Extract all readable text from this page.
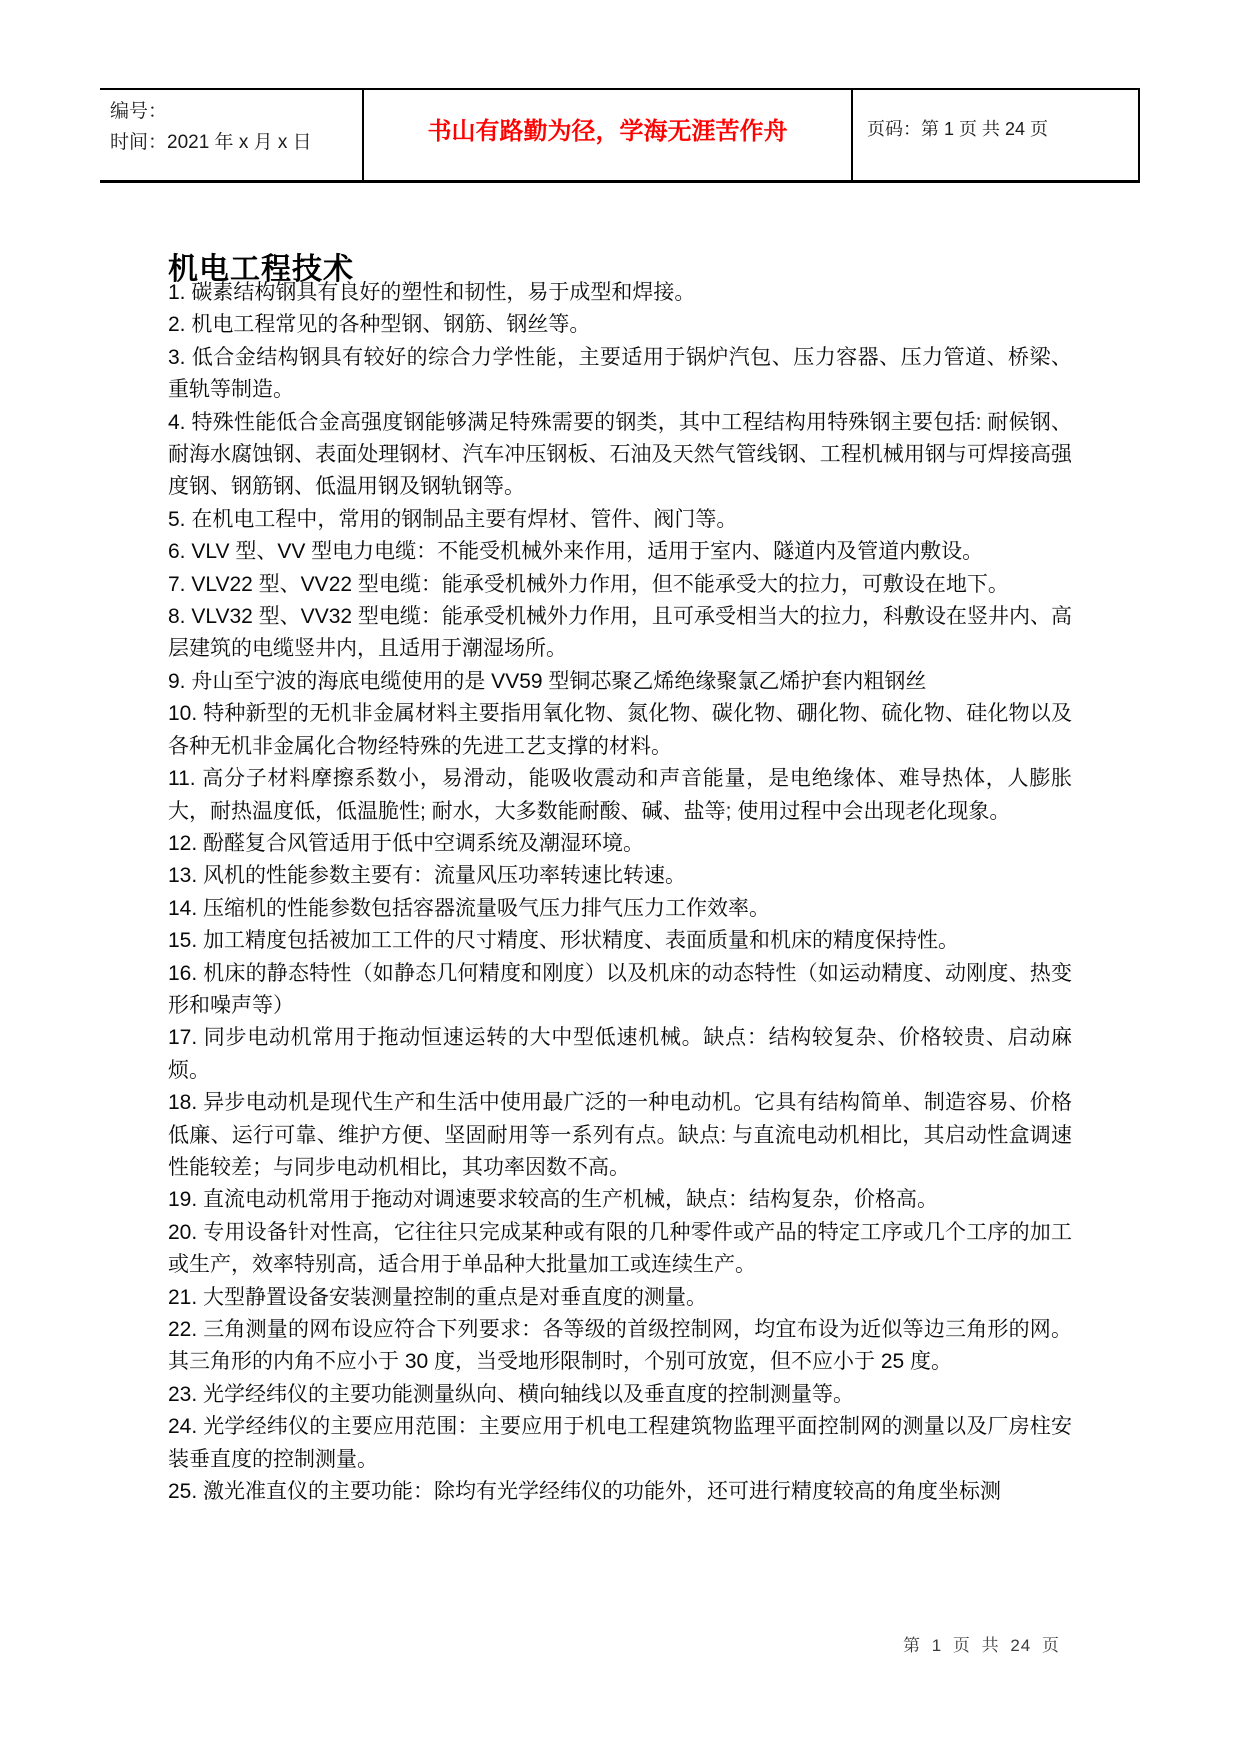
编号：
时间：2021 年 x 月 x 日	书山有路勤为径，学海无涯苦作舟	页码：第 1 页 共 24 页
机电工程技术

1. 碳素结构钢具有良好的塑性和韧性，易于成型和焊接。

2. 机电工程常见的各种型钢、钢筋、钢丝等。

3. 低合金结构钢具有较好的综合力学性能，主要适用于锅炉汽包、压力容器、压力管道、桥梁、重轨等制造。

4. 特殊性能低合金高强度钢能够满足特殊需要的钢类，其中工程结构用特殊钢主要包括: 耐候钢、耐海水腐蚀钢、表面处理钢材、汽车冲压钢板、石油及天然气管线钢、工程机械用钢与可焊接高强度钢、钢筋钢、低温用钢及钢轨钢等。

5. 在机电工程中，常用的钢制品主要有焊材、管件、阀门等。

6. VLV 型、VV 型电力电缆：不能受机械外来作用，适用于室内、隧道内及管道内敷设。

7. VLV22 型、VV22 型电缆：能承受机械外力作用，但不能承受大的拉力，可敷设在地下。

8. VLV32 型、VV32 型电缆：能承受机械外力作用，且可承受相当大的拉力，科敷设在竖井内、高层建筑的电缆竖井内，且适用于潮湿场所。

9. 舟山至宁波的海底电缆使用的是 VV59 型铜芯聚乙烯绝缘聚氯乙烯护套内粗钢丝

10. 特种新型的无机非金属材料主要指用氧化物、氮化物、碳化物、硼化物、硫化物、硅化物以及各种无机非金属化合物经特殊的先进工艺支撑的材料。

11. 高分子材料摩擦系数小，易滑动，能吸收震动和声音能量，是电绝缘体、难导热体，人膨胀大，耐热温度低，低温脆性; 耐水，大多数能耐酸、碱、盐等; 使用过程中会出现老化现象。

12. 酚醛复合风管适用于低中空调系统及潮湿环境。

13. 风机的性能参数主要有：流量风压功率转速比转速。

14. 压缩机的性能参数包括容器流量吸气压力排气压力工作效率。

15. 加工精度包括被加工工件的尺寸精度、形状精度、表面质量和机床的精度保持性。

16. 机床的静态特性（如静态几何精度和刚度）以及机床的动态特性（如运动精度、动刚度、热变形和噪声等）

17. 同步电动机常用于拖动恒速运转的大中型低速机械。缺点：结构较复杂、价格较贵、启动麻烦。

18. 异步电动机是现代生产和生活中使用最广泛的一种电动机。它具有结构简单、制造容易、价格低廉、运行可靠、维护方便、坚固耐用等一系列有点。缺点: 与直流电动机相比，其启动性盒调速性能较差；与同步电动机相比，其功率因数不高。

19. 直流电动机常用于拖动对调速要求较高的生产机械，缺点：结构复杂，价格高。

20. 专用设备针对性高，它往往只完成某种或有限的几种零件或产品的特定工序或几个工序的加工或生产，效率特别高，适合用于单品种大批量加工或连续生产。

21. 大型静置设备安装测量控制的重点是对垂直度的测量。

22. 三角测量的网布设应符合下列要求：各等级的首级控制网，均宜布设为近似等边三角形的网。其三角形的内角不应小于 30 度，当受地形限制时，个别可放宽，但不应小于 25 度。

23. 光学经纬仪的主要功能测量纵向、横向轴线以及垂直度的控制测量等。

24. 光学经纬仪的主要应用范围：主要应用于机电工程建筑物监理平面控制网的测量以及厂房柱安装垂直度的控制测量。

25. 激光准直仪的主要功能：除均有光学经纬仪的功能外，还可进行精度较高的角度坐标测

第 1 页 共 24 页
